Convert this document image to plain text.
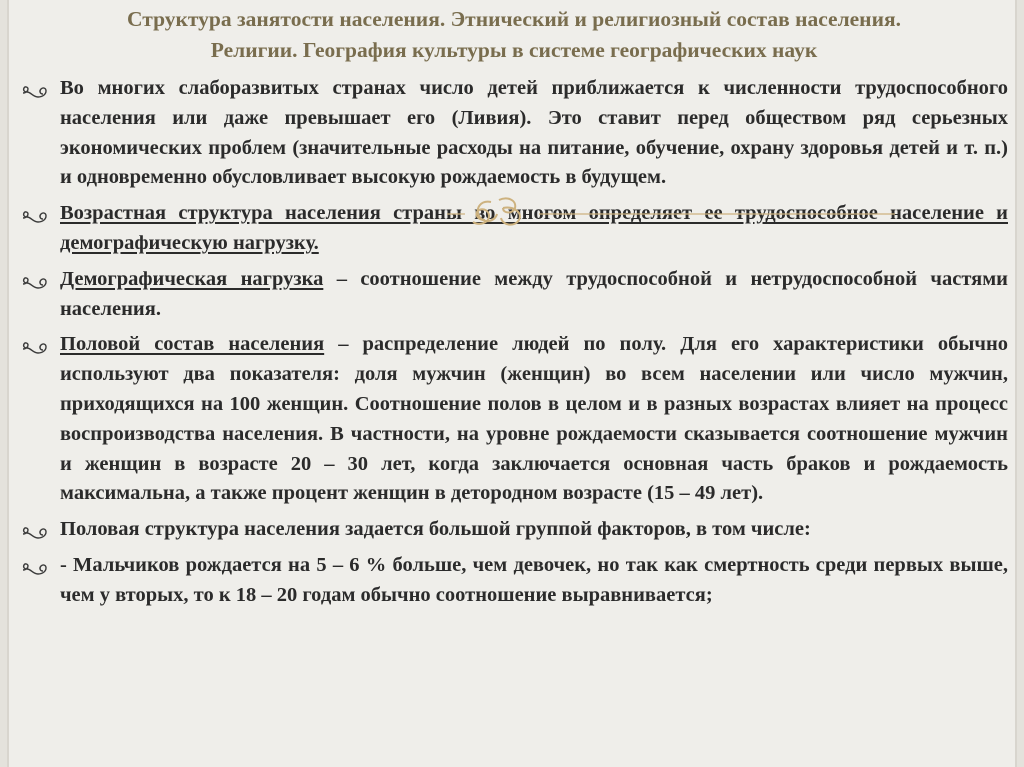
Структура занятости населения. Этнический и религиозный состав населения.
Религии. География культуры в системе географических наук
Во многих слаборазвитых странах число детей приближается к численности трудоспособного населения или даже превышает его (Ливия). Это ставит перед обществом ряд серьезных экономических проблем (значительные расходы на питание, обучение, охрану здоровья детей и т. п.) и одновременно обусловливает высокую рождаемость в будущем.
Возрастная структура населения страны во многом определяет ее трудоспособное население и демографическую нагрузку.
Демографическая нагрузка – соотношение между трудоспособной и нетрудоспособной частями населения.
Половой состав населения – распределение людей по полу. Для его характеристики обычно используют два показателя: доля мужчин (женщин) во всем населении или число мужчин, приходящихся на 100 женщин. Соотношение полов в целом и в разных возрастах влияет на процесс воспроизводства населения. В частности, на уровне рождаемости сказывается соотношение мужчин и женщин в возрасте 20 – 30 лет, когда заключается основная часть браков и рождаемость максимальна, а также процент женщин в детородном возрасте (15 – 49 лет).
Половая структура населения задается большой группой факторов, в том числе:
- Мальчиков рождается на 5 – 6 % больше, чем девочек, но так как смертность среди первых выше, чем у вторых, то к 18 – 20 годам обычно соотношение выравнивается;
